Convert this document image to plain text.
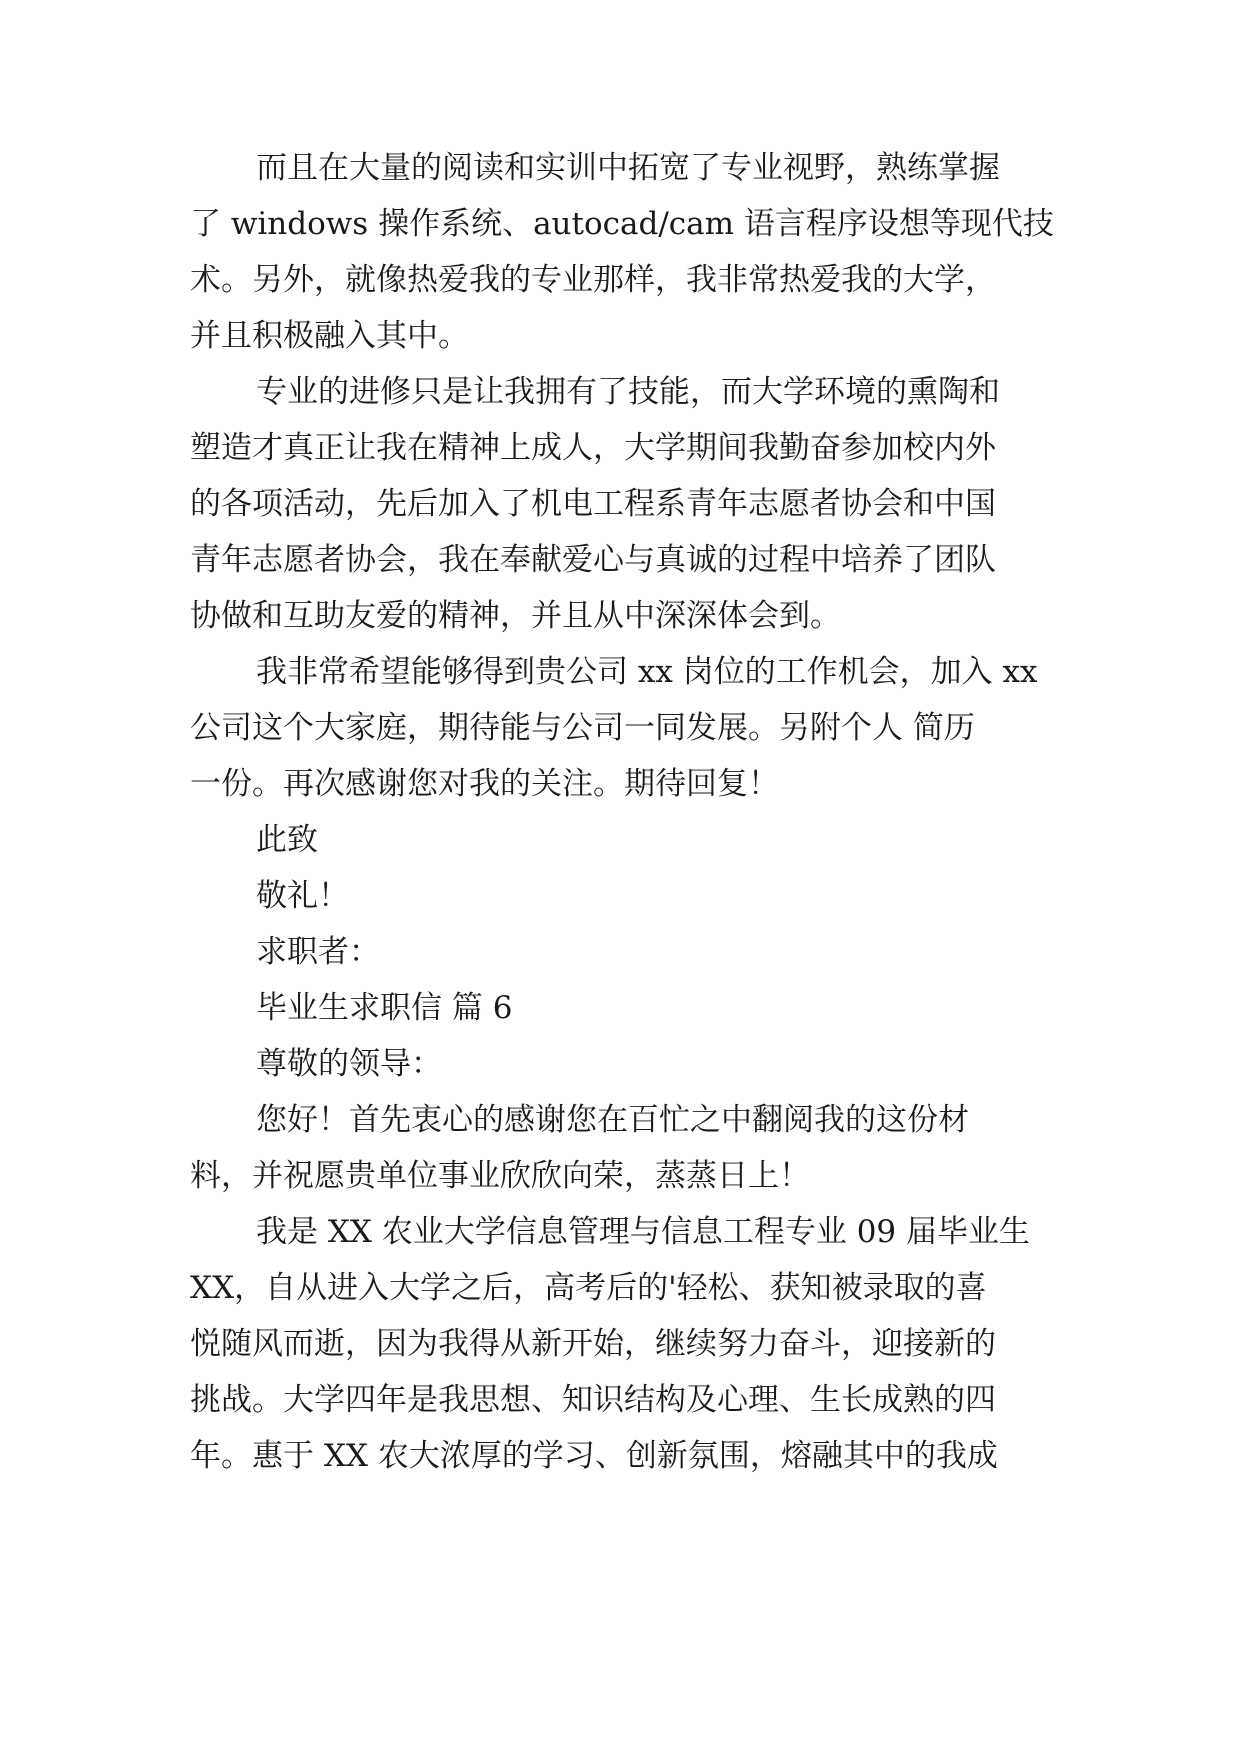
而且在大量的阅读和实训中拓宽了专业视野，熟练掌握
了 windows 操作系统、autocad/cam 语言程序设想等现代技
术。另外，就像热爱我的专业那样，我非常热爱我的大学，
并且积极融入其中。
专业的进修只是让我拥有了技能，而大学环境的熏陶和
塑造才真正让我在精神上成人，大学期间我勤奋参加校内外
的各项活动，先后加入了机电工程系青年志愿者协会和中国
青年志愿者协会，我在奉献爱心与真诚的过程中培养了团队
协做和互助友爱的精神，并且从中深深体会到。
我非常希望能够得到贵公司 xx 岗位的工作机会，加入 xx
公司这个大家庭，期待能与公司一同发展。另附个人 简历
一份。再次感谢您对我的关注。期待回复！
此致
敬礼！
求职者：
毕业生求职信 篇 6
尊敬的领导：
您好！首先衷心的感谢您在百忙之中翻阅我的这份材
料，并祝愿贵单位事业欣欣向荣，蒸蒸日上！
我是 XX 农业大学信息管理与信息工程专业 09 届毕业生
XX，自从进入大学之后，高考后的'轻松、获知被录取的喜
悦随风而逝，因为我得从新开始，继续努力奋斗，迎接新的
挑战。大学四年是我思想、知识结构及心理、生长成熟的四
年。惠于 XX 农大浓厚的学习、创新氛围，熔融其中的我成
